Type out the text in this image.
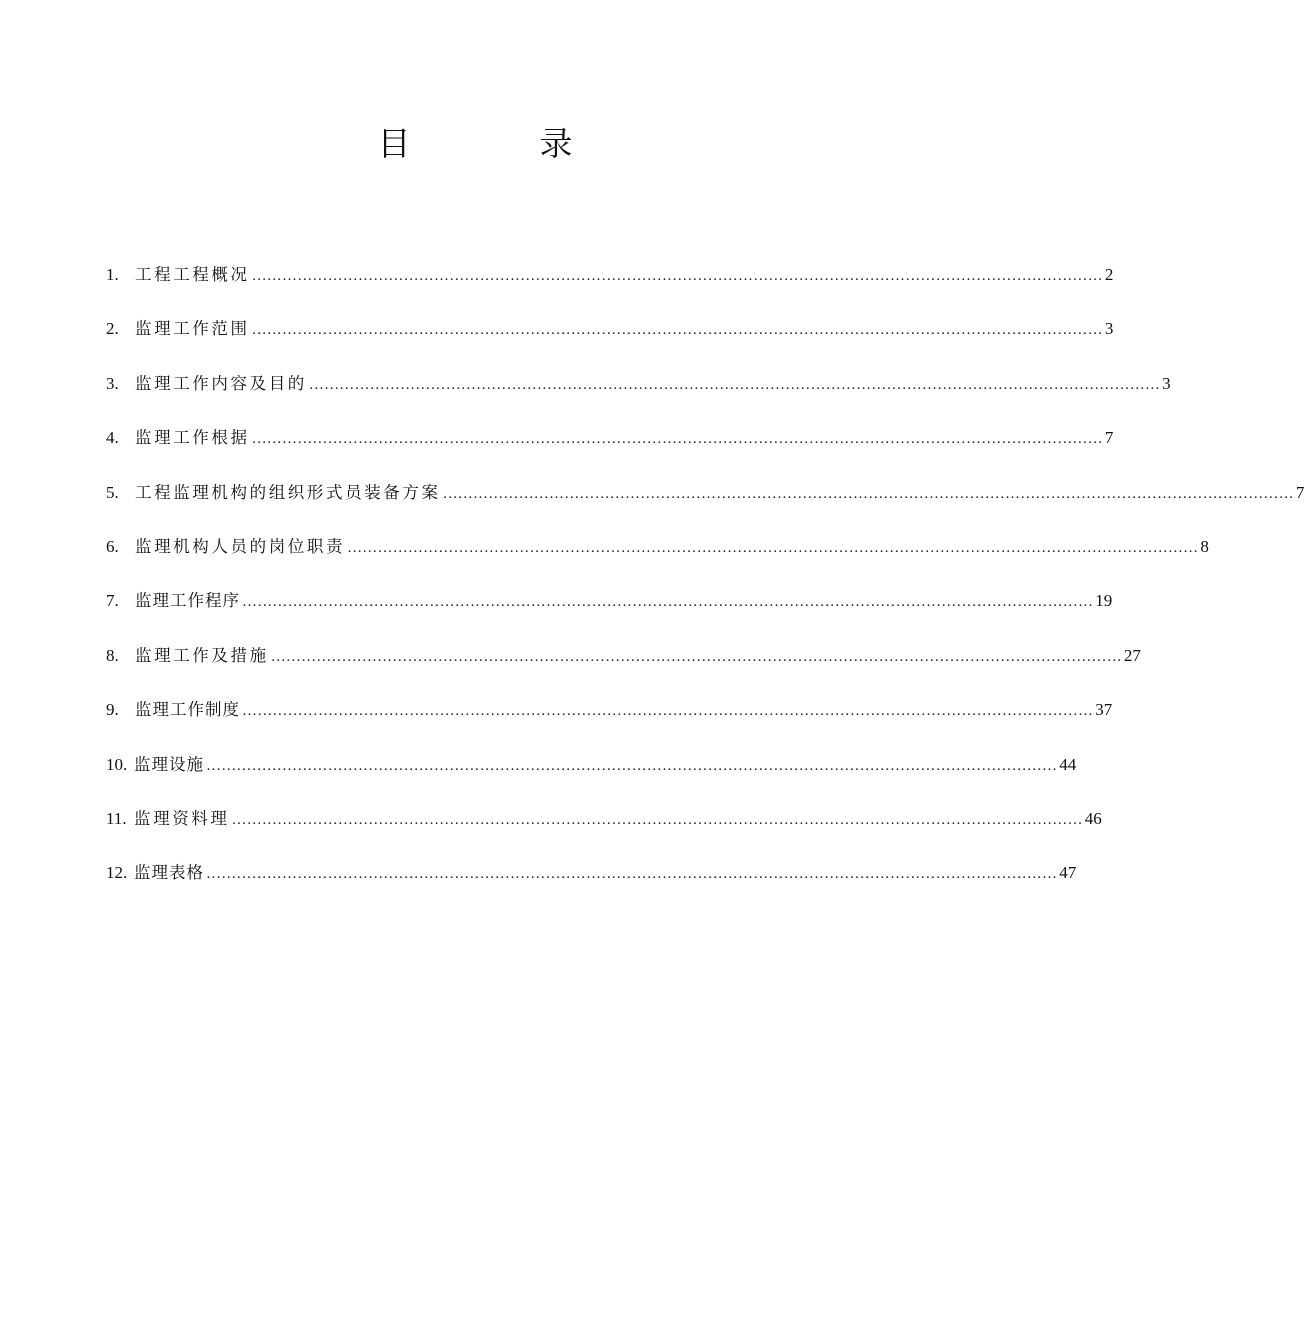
目　录
1. 工程工程概况 …………………………………………………………………………………………………………………………………………………… 2
2. 监理工作范围 …………………………………………………………………………………………………………………………………………………… 3
3. 监理工作内容及目的 …………………………………………………………………………………………………………………………………………………… 3
4. 监理工作根据 …………………………………………………………………………………………………………………………………………………… 7
5. 工程监理机构的组织形式员装备方案 …………………………………………………………………………………………………………………………………………………… 7
6. 监理机构人员的岗位职责 …………………………………………………………………………………………………………………………………………………… 8
7. 监理工作程序 …………………………………………………………………………………………………………………………………………………… 19
8. 监理工作及措施 …………………………………………………………………………………………………………………………………………………… 27
9. 监理工作制度 …………………………………………………………………………………………………………………………………………………… 37
10. 监理设施 …………………………………………………………………………………………………………………………………………………… 44
11. 监理资料理 …………………………………………………………………………………………………………………………………………………… 46
12. 监理表格 …………………………………………………………………………………………………………………………………………………… 47
